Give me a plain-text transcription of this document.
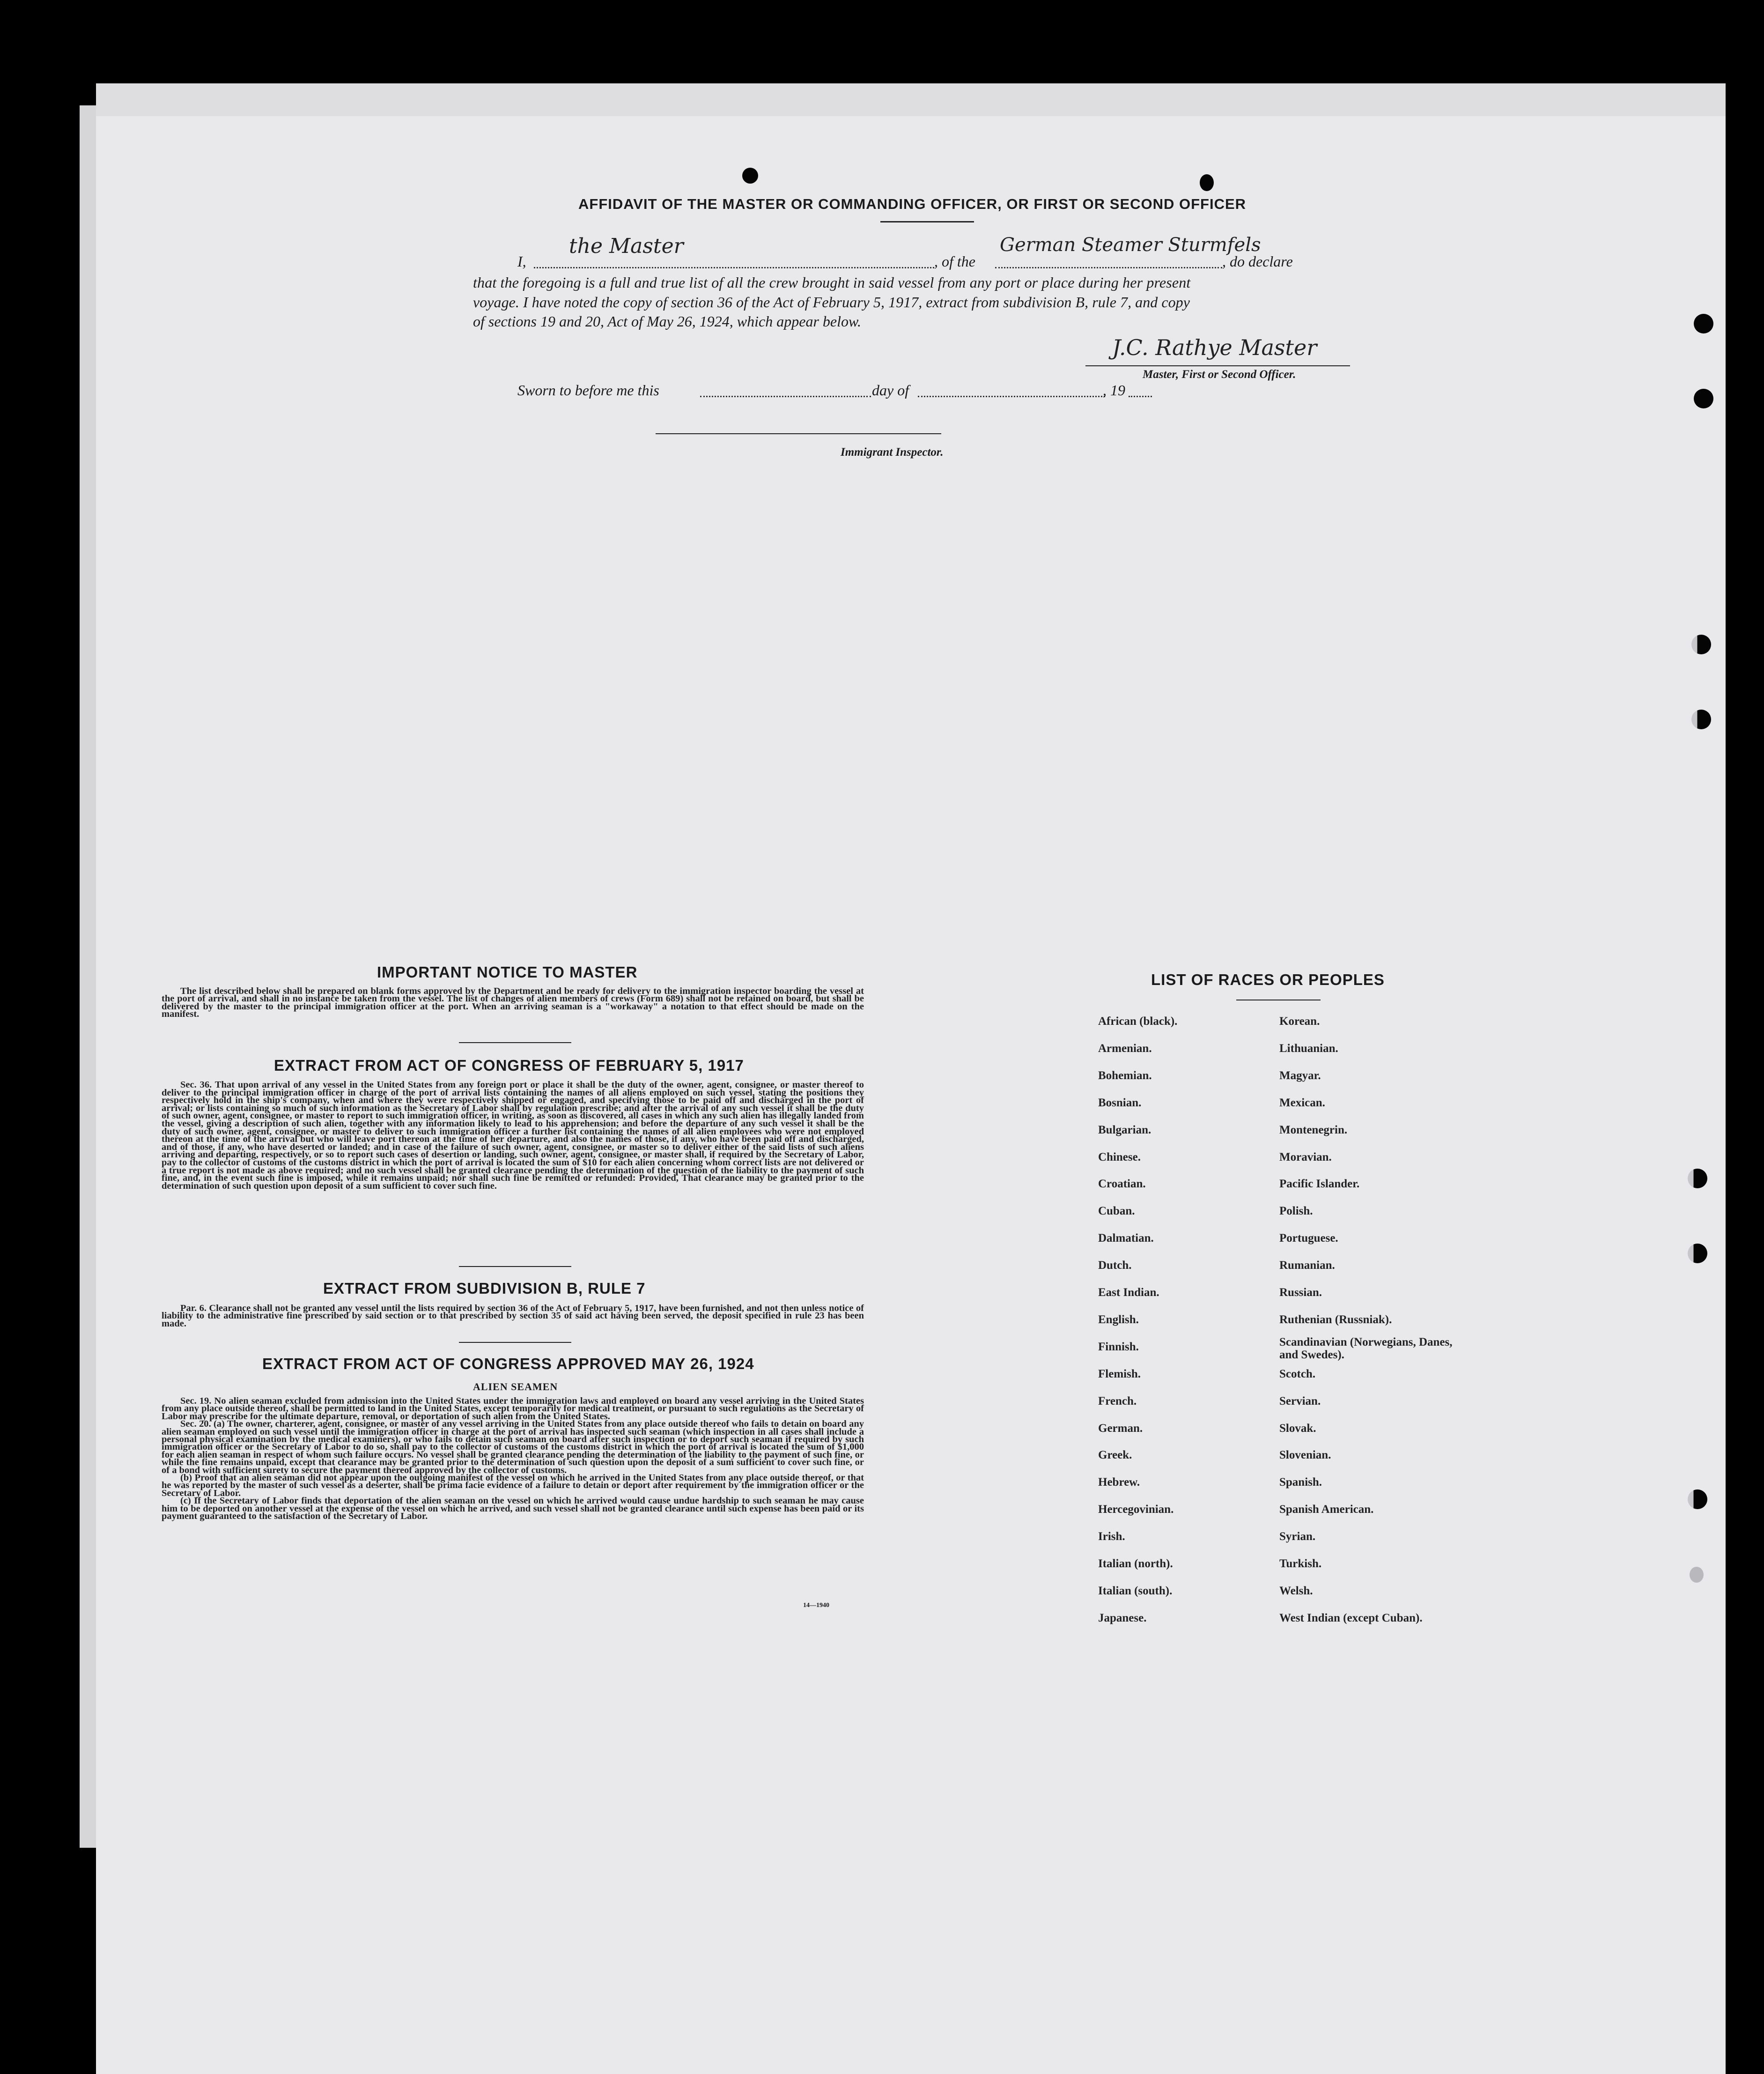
AFFIDAVIT OF THE MASTER OR COMMANDING OFFICER, OR FIRST OR SECOND OFFICER
I,
the Master
, of the
German Steamer Sturmfels
, do declare
that the foregoing is a full and true list of all the crew brought in said vessel from any port or place during her present
voyage. I have noted the copy of section 36 of the Act of February 5, 1917, extract from subdivision B, rule 7, and copy
of sections 19 and 20, Act of May 26, 1924, which appear below.
J.C. Rathye Master
Master, First or Second Officer.
Sworn to before me this	day of	, 19
Immigrant Inspector.
IMPORTANT NOTICE TO MASTER

The list described below shall be prepared on blank forms approved by the Department and be ready for delivery to the immigration inspector boarding the vessel at the port of arrival, and shall in no instance be taken from the vessel. The list of changes of alien members of crews (Form 689) shall not be retained on board, but shall be delivered by the master to the principal immigration officer at the port. When an arriving seaman is a "workaway" a notation to that effect should be made on the manifest.

EXTRACT FROM ACT OF CONGRESS OF FEBRUARY 5, 1917

Sec. 36. That upon arrival of any vessel in the United States from any foreign port or place it shall be the duty of the owner, agent, consignee, or master thereof to deliver to the principal immigration officer in charge of the port of arrival lists containing the names of all aliens employed on such vessel, stating the positions they respectively hold in the ship's company, when and where they were respectively shipped or engaged, and specifying those to be paid off and discharged in the port of arrival; or lists containing so much of such information as the Secretary of Labor shall by regulation prescribe; and after the arrival of any such vessel it shall be the duty of such owner, agent, consignee, or master to report to such immigration officer, in writing, as soon as discovered, all cases in which any such alien has illegally landed from the vessel, giving a description of such alien, together with any information likely to lead to his apprehension; and before the departure of any such vessel it shall be the duty of such owner, agent, consignee, or master to deliver to such immigration officer a further list containing the names of all alien employees who were not employed thereon at the time of the arrival but who will leave port thereon at the time of her departure, and also the names of those, if any, who have been paid off and discharged, and of those, if any, who have deserted or landed; and in case of the failure of such owner, agent, consignee, or master so to deliver either of the said lists of such aliens arriving and departing, respectively, or so to report such cases of desertion or landing, such owner, agent, consignee, or master shall, if required by the Secretary of Labor, pay to the collector of customs of the customs district in which the port of arrival is located the sum of $10 for each alien concerning whom correct lists are not delivered or a true report is not made as above required; and no such vessel shall be granted clearance pending the determination of the question of the liability to the payment of such fine, and, in the event such fine is imposed, while it remains unpaid; nor shall such fine be remitted or refunded: Provided, That clearance may be granted prior to the determination of such question upon deposit of a sum sufficient to cover such fine.

EXTRACT FROM SUBDIVISION B, RULE 7

Par. 6. Clearance shall not be granted any vessel until the lists required by section 36 of the Act of February 5, 1917, have been furnished, and not then unless notice of liability to the administrative fine prescribed by said section or to that prescribed by section 35 of said act having been served, the deposit specified in rule 23 has been made.

EXTRACT FROM ACT OF CONGRESS APPROVED MAY 26, 1924
ALIEN SEAMEN

Sec. 19. No alien seaman excluded from admission into the United States under the immigration laws and employed on board any vessel arriving in the United States from any place outside thereof, shall be permitted to land in the United States, except temporarily for medical treatment, or pursuant to such regulations as the Secretary of Labor may prescribe for the ultimate departure, removal, or deportation of such alien from the United States.

Sec. 20. (a) The owner, charterer, agent, consignee, or master of any vessel arriving in the United States from any place outside thereof who fails to detain on board any alien seaman employed on such vessel until the immigration officer in charge at the port of arrival has inspected such seaman (which inspection in all cases shall include a personal physical examination by the medical examiners), or who fails to detain such seaman on board after such inspection or to deport such seaman if required by such immigration officer or the Secretary of Labor to do so, shall pay to the collector of customs of the customs district in which the port of arrival is located the sum of $1,000 for each alien seaman in respect of whom such failure occurs. No vessel shall be granted clearance pending the determination of the liability to the payment of such fine, or while the fine remains unpaid, except that clearance may be granted prior to the determination of such question upon the deposit of a sum sufficient to cover such fine, or of a bond with sufficient surety to secure the payment thereof approved by the collector of customs.

(b) Proof that an alien seaman did not appear upon the outgoing manifest of the vessel on which he arrived in the United States from any place outside thereof, or that he was reported by the master of such vessel as a deserter, shall be prima facie evidence of a failure to detain or deport after requirement by the immigration officer or the Secretary of Labor.

(c) If the Secretary of Labor finds that deportation of the alien seaman on the vessel on which he arrived would cause undue hardship to such seaman he may cause him to be deported on another vessel at the expense of the vessel on which he arrived, and such vessel shall not be granted clearance until such expense has been paid or its payment guaranteed to the satisfaction of the Secretary of Labor.

14—1940
LIST OF RACES OR PEOPLES
African (black).
Armenian.
Bohemian.
Bosnian.
Bulgarian.
Chinese.
Croatian.
Cuban.
Dalmatian.
Dutch.
East Indian.
English.
Finnish.
Flemish.
French.
German.
Greek.
Hebrew.
Hercegovinian.
Irish.
Italian (north).
Italian (south).
Japanese.
Korean.
Lithuanian.
Magyar.
Mexican.
Montenegrin.
Moravian.
Pacific Islander.
Polish.
Portuguese.
Rumanian.
Russian.
Ruthenian (Russniak).
Scandinavian (Norwegians, Danes, and Swedes).
Scotch.
Servian.
Slovak.
Slovenian.
Spanish.
Spanish American.
Syrian.
Turkish.
Welsh.
West Indian (except Cuban).
